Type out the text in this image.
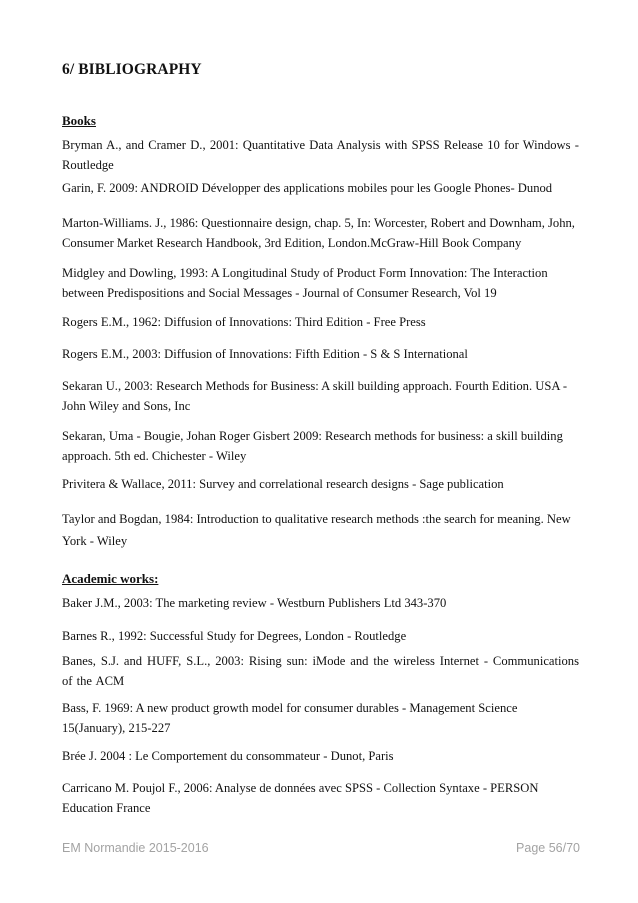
6/ BIBLIOGRAPHY
Books
Bryman A., and Cramer D., 2001: Quantitative Data Analysis with SPSS Release 10 for Windows - Routledge
Garin, F. 2009: ANDROID Développer des applications mobiles pour les Google Phones- Dunod
Marton-Williams. J., 1986: Questionnaire design, chap. 5, In: Worcester, Robert and Downham, John, Consumer Market Research Handbook, 3rd Edition, London.McGraw-Hill Book Company
Midgley and Dowling, 1993: A Longitudinal Study of Product Form Innovation: The Interaction between Predispositions and Social Messages - Journal of Consumer Research, Vol 19
Rogers E.M., 1962: Diffusion of Innovations: Third Edition - Free Press
Rogers E.M., 2003: Diffusion of Innovations: Fifth Edition - S & S International
Sekaran U., 2003: Research Methods for Business: A skill building approach. Fourth Edition. USA - John Wiley and Sons, Inc
Sekaran, Uma - Bougie, Johan Roger Gisbert 2009: Research methods for business: a skill building approach. 5th ed. Chichester - Wiley
Privitera & Wallace, 2011: Survey and correlational research designs - Sage publication
Taylor and Bogdan, 1984: Introduction to qualitative research methods :the search for meaning. New York - Wiley
Academic works:
Baker J.M., 2003: The marketing review - Westburn Publishers Ltd 343-370
Barnes R., 1992: Successful Study for Degrees, London - Routledge
Banes, S.J. and HUFF, S.L., 2003: Rising sun: iMode and the wireless Internet - Communications of the ACM
Bass, F. 1969: A new product growth model for consumer durables - Management Science 15(January), 215-227
Brée J. 2004 : Le Comportement du consommateur - Dunot, Paris
Carricano M. Poujol F., 2006: Analyse de données avec SPSS - Collection Syntaxe - PERSON Education France
EM Normandie 2015-2016	Page 56/70
